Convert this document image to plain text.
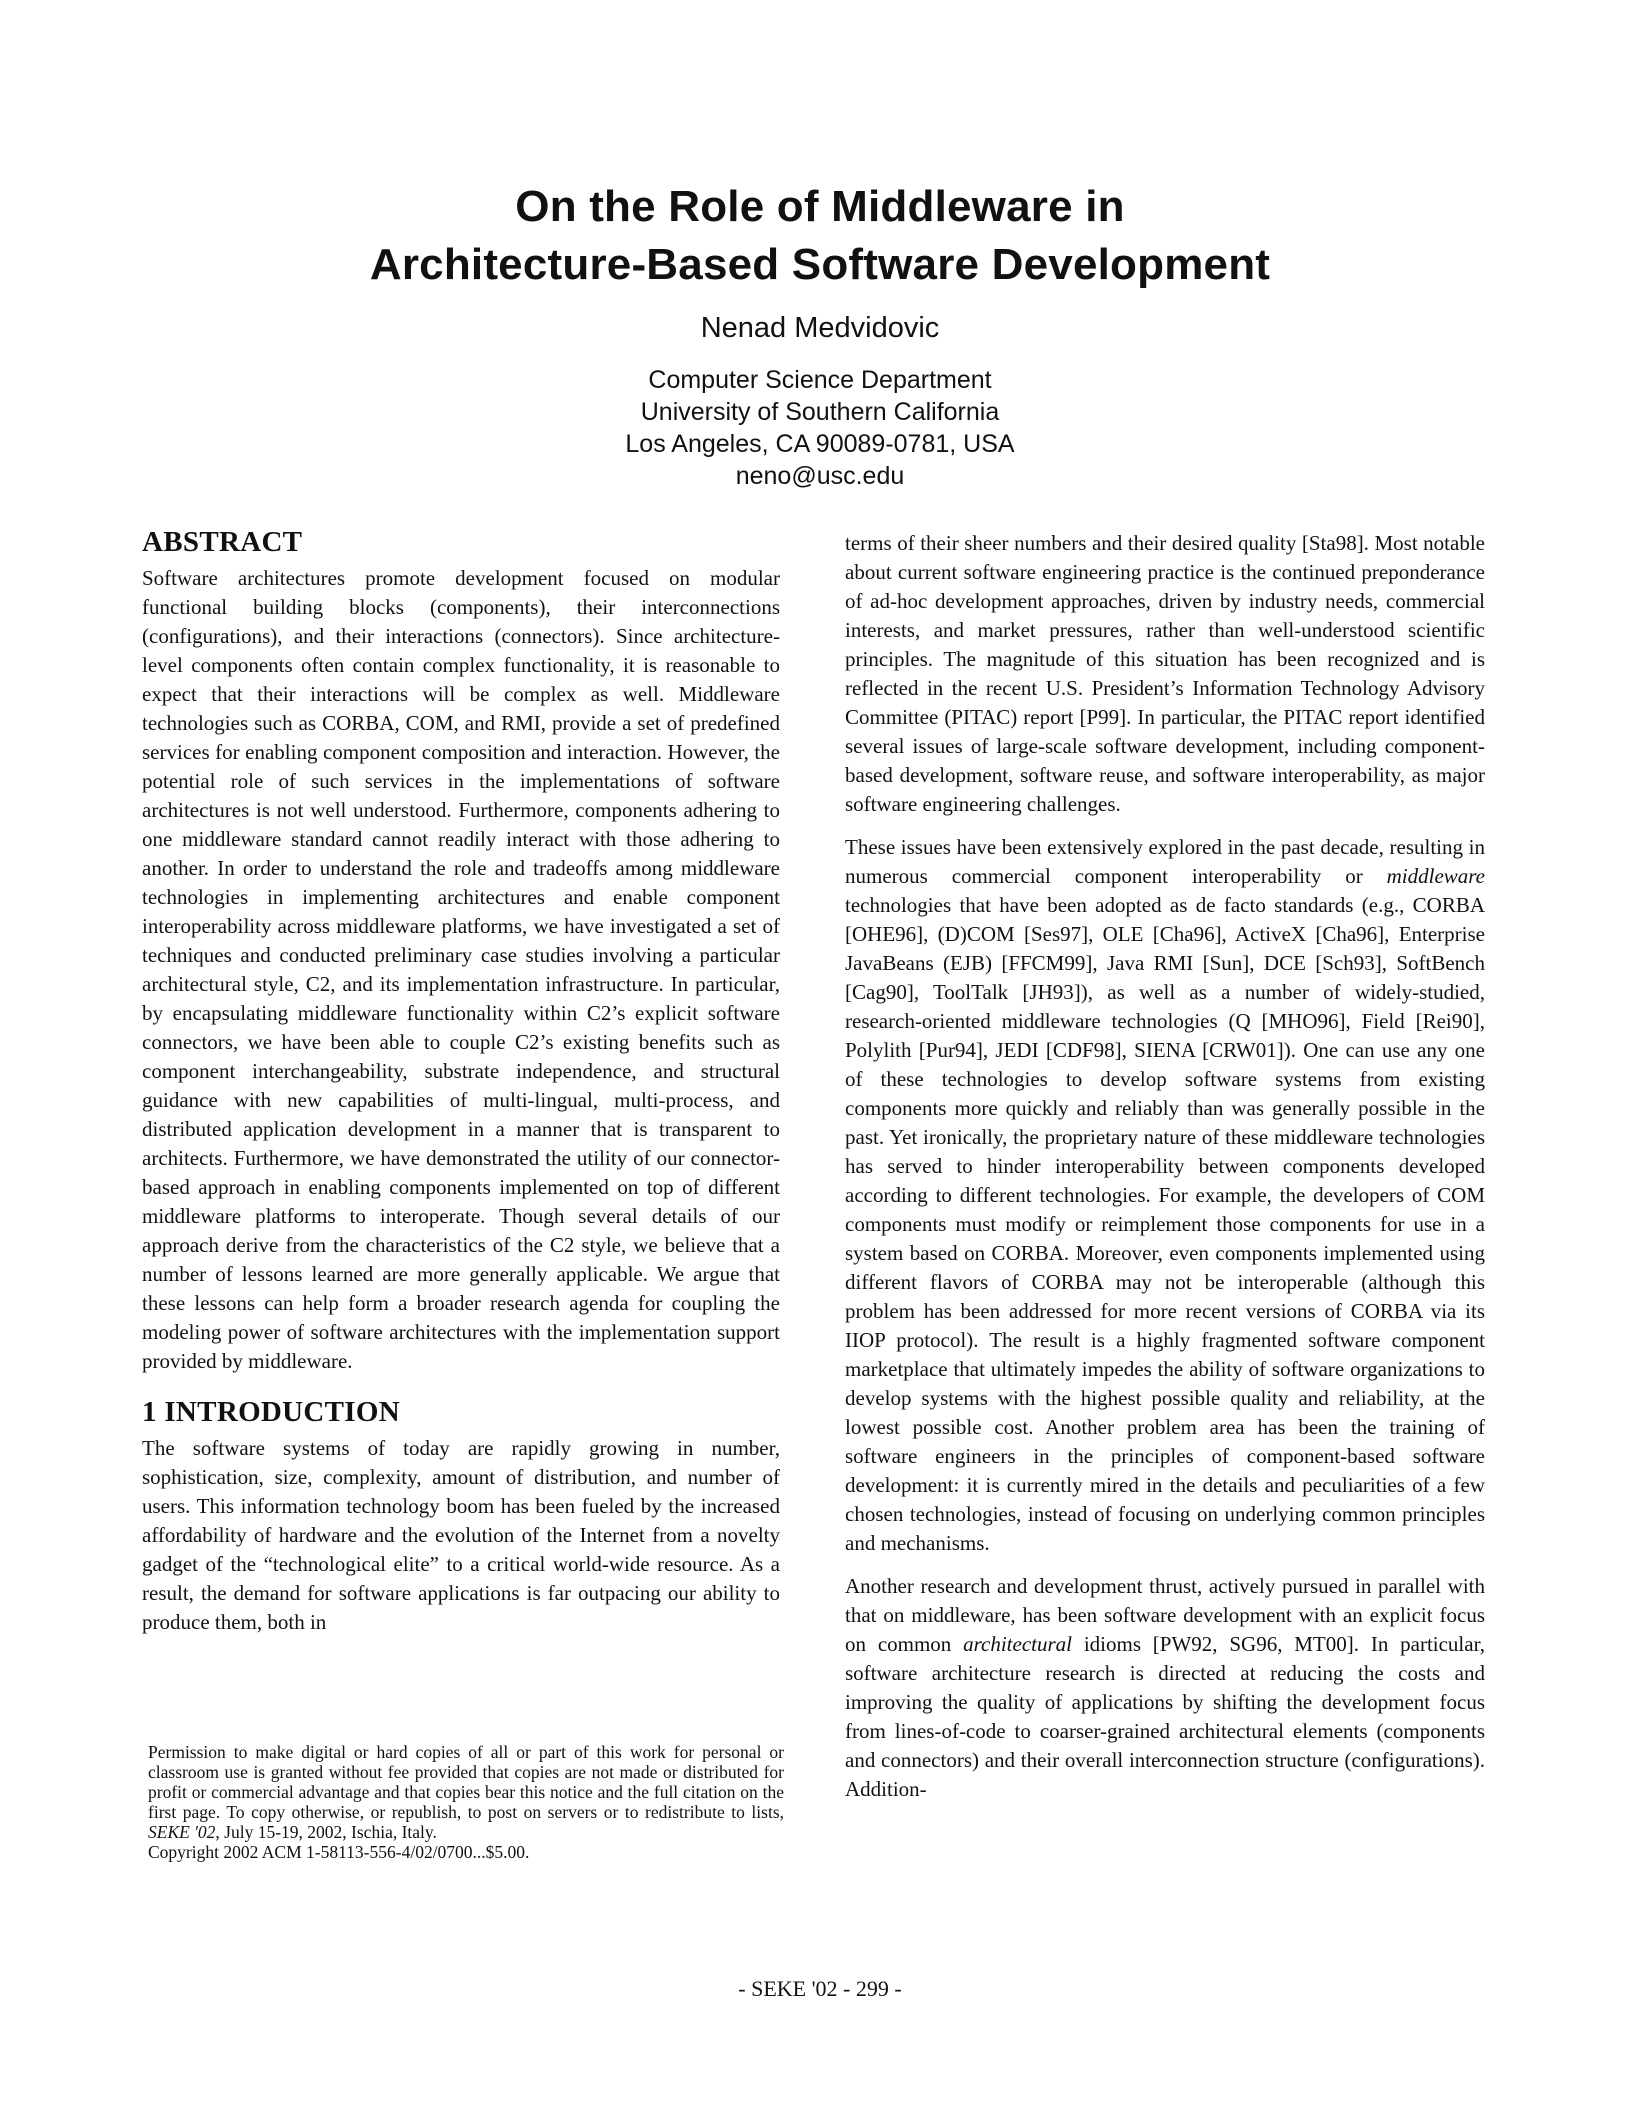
On the Role of Middleware in
Architecture-Based Software Development
Nenad Medvidovic
Computer Science Department
University of Southern California
Los Angeles, CA 90089-0781, USA
neno@usc.edu
ABSTRACT

Software architectures promote development focused on modular functional building blocks (components), their interconnections (configurations), and their interactions (connectors). Since architecture-level components often contain complex functionality, it is reasonable to expect that their interactions will be complex as well. Middleware technologies such as CORBA, COM, and RMI, provide a set of predefined services for enabling component composition and interaction. However, the potential role of such services in the implementations of software architectures is not well understood. Furthermore, components adhering to one middleware standard cannot readily interact with those adhering to another. In order to understand the role and tradeoffs among middleware technologies in implementing architectures and enable component interoperability across middleware platforms, we have investigated a set of techniques and conducted preliminary case studies involving a particular architectural style, C2, and its implementation infrastructure. In particular, by encapsulating middleware functionality within C2’s explicit software connectors, we have been able to couple C2’s existing benefits such as component interchangeability, substrate independence, and structural guidance with new capabilities of multi-lingual, multi-process, and distributed application development in a manner that is transparent to architects. Furthermore, we have demonstrated the utility of our connector-based approach in enabling components implemented on top of different middleware platforms to interoperate. Though several details of our approach derive from the characteristics of the C2 style, we believe that a number of lessons learned are more generally applicable. We argue that these lessons can help form a broader research agenda for coupling the modeling power of software architectures with the implementation support provided by middleware.

1 INTRODUCTION

The software systems of today are rapidly growing in number, sophistication, size, complexity, amount of distribution, and number of users. This information technology boom has been fueled by the increased affordability of hardware and the evolution of the Internet from a novelty gadget of the “technological elite” to a critical world-wide resource. As a result, the demand for software applications is far outpacing our ability to produce them, both in

Permission to make digital or hard copies of all or part of this work for personal or classroom use is granted without fee provided that copies are not made or distributed for profit or commercial advantage and that copies bear this notice and the full citation on the first page. To copy otherwise, or republish, to post on servers or to redistribute to lists, SEKE '02, July 15-19, 2002, Ischia, Italy.
Copyright 2002 ACM 1-58113-556-4/02/0700...$5.00.

terms of their sheer numbers and their desired quality [Sta98]. Most notable about current software engineering practice is the continued preponderance of ad-hoc development approaches, driven by industry needs, commercial interests, and market pressures, rather than well-understood scientific principles. The magnitude of this situation has been recognized and is reflected in the recent U.S. President’s Information Technology Advisory Committee (PITAC) report [P99]. In particular, the PITAC report identified several issues of large-scale software development, including component-based development, software reuse, and software interoperability, as major software engineering challenges.

These issues have been extensively explored in the past decade, resulting in numerous commercial component interoperability or middleware technologies that have been adopted as de facto standards (e.g., CORBA [OHE96], (D)COM [Ses97], OLE [Cha96], ActiveX [Cha96], Enterprise JavaBeans (EJB) [FFCM99], Java RMI [Sun], DCE [Sch93], SoftBench [Cag90], ToolTalk [JH93]), as well as a number of widely-studied, research-oriented middleware technologies (Q [MHO96], Field [Rei90], Polylith [Pur94], JEDI [CDF98], SIENA [CRW01]). One can use any one of these technologies to develop software systems from existing components more quickly and reliably than was generally possible in the past. Yet ironically, the proprietary nature of these middleware technologies has served to hinder interoperability between components developed according to different technologies. For example, the developers of COM components must modify or reimplement those components for use in a system based on CORBA. Moreover, even components implemented using different flavors of CORBA may not be interoperable (although this problem has been addressed for more recent versions of CORBA via its IIOP protocol). The result is a highly fragmented software component marketplace that ultimately impedes the ability of software organizations to develop systems with the highest possible quality and reliability, at the lowest possible cost. Another problem area has been the training of software engineers in the principles of component-based software development: it is currently mired in the details and peculiarities of a few chosen technologies, instead of focusing on underlying common principles and mechanisms.

Another research and development thrust, actively pursued in parallel with that on middleware, has been software development with an explicit focus on common architectural idioms [PW92, SG96, MT00]. In particular, software architecture research is directed at reducing the costs and improving the quality of applications by shifting the development focus from lines-of-code to coarser-grained architectural elements (components and connectors) and their overall interconnection structure (configurations). Addition-

- SEKE '02 - 299 -
